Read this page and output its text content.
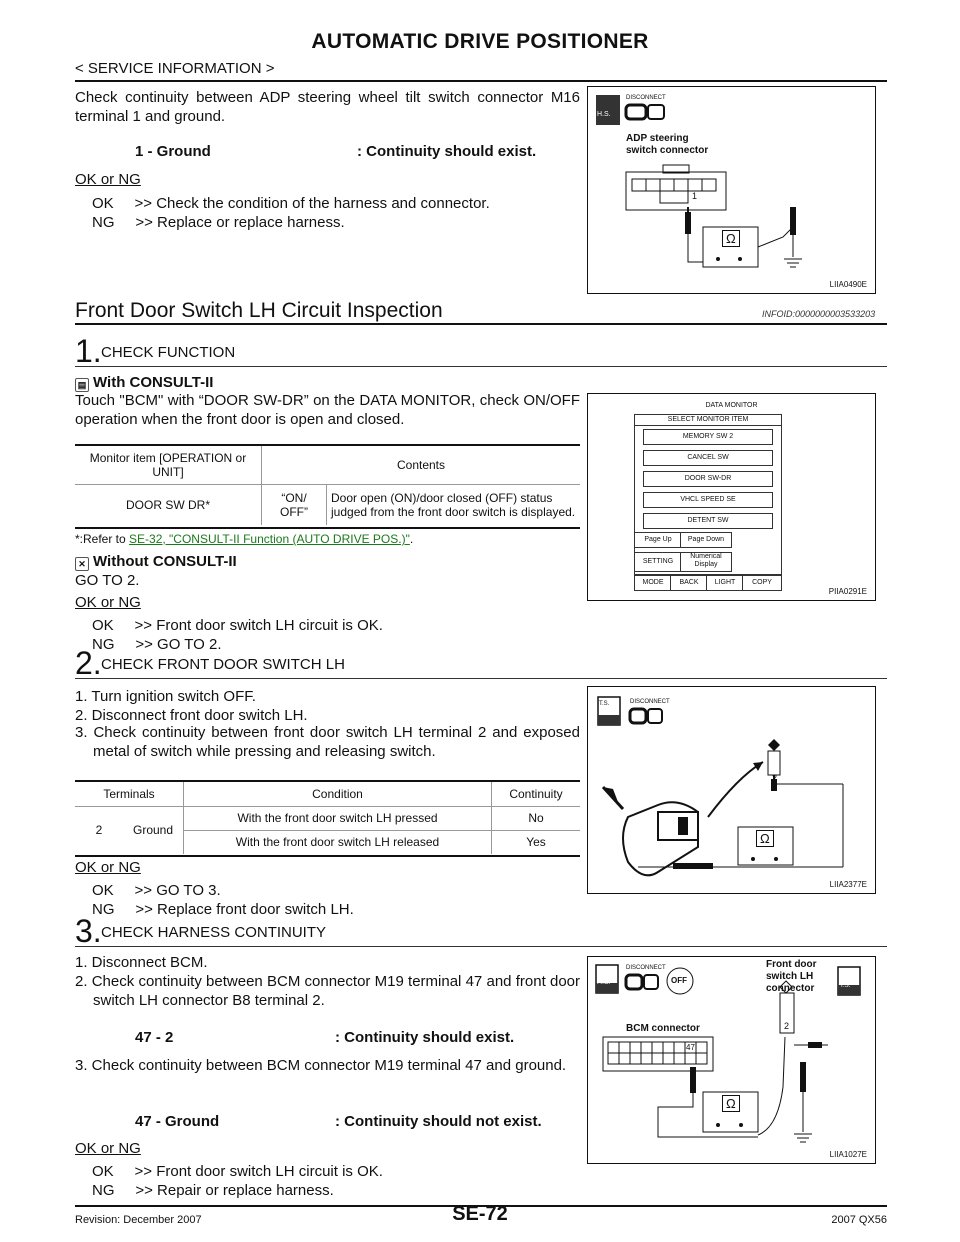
AUTOMATIC DRIVE POSITIONER
< SERVICE INFORMATION >
Check continuity between ADP steering wheel tilt switch connector M16 terminal 1 and ground.
1 - Ground	: Continuity should exist.
OK or NG
OK     >> Check the condition of the harness and connector.
NG     >> Replace or replace harness.
H.S.
DISCONNECT
ADP steering
switch connector
1
Ω
LIIA0490E
Front Door Switch LH Circuit Inspection	INFOID:0000000003533203
1. CHECK FUNCTION
▤ With CONSULT-II
Touch "BCM" with “DOOR SW-DR” on the DATA MONITOR, check ON/OFF operation when the front door is open and closed.
Monitor item [OPERATION or UNIT]	Contents	
DOOR SW DR*	“ON/ OFF”	Door open (ON)/door closed (OFF) status judged from the front door switch is displayed.
*:Refer to SE-32, "CONSULT-II Function (AUTO DRIVE POS.)".
✕ Without CONSULT-II
GO TO 2.
OK or NG
OK     >> Front door switch LH circuit is OK.
NG     >> GO TO 2.
DATA MONITOR
SELECT MONITOR ITEM
MEMORY SW 2
CANCEL SW
DOOR SW-DR
VHCL SPEED SE
DETENT SW
Page Up	Page Down
SETTING
Numerical Display
MODE	BACK	LIGHT	COPY
PIIA0291E
2. CHECK FRONT DOOR SWITCH LH
1. Turn ignition switch OFF.
2. Disconnect front door switch LH.
3. Check continuity between front door switch LH terminal 2 and exposed metal of switch while pressing and releasing switch.
Terminals		Condition	Continuity
2	Ground	With the front door switch LH pressed	No
		With the front door switch LH released	Yes
OK or NG
OK     >> GO TO 3.
NG     >> Replace front door switch LH.
T.S.	DISCONNECT
2
Ω
LIIA2377E
3. CHECK HARNESS CONTINUITY
1. Disconnect BCM.
2. Check continuity between BCM connector M19 terminal 47 and front door switch LH connector B8 terminal 2.
47 - 2	: Continuity should exist.
3. Check continuity between BCM connector M19 terminal 47 and ground.
47 - Ground	: Continuity should not exist.
OK or NG
OK     >> Front door switch LH circuit is OK.
NG     >> Repair or replace harness.
H.S.
DISCONNECT
OFF
T.S.
BCM connector
Front door
switch LH
connector
47
2
Ω
LIIA1027E
Revision: December 2007	SE-72	2007 QX56
